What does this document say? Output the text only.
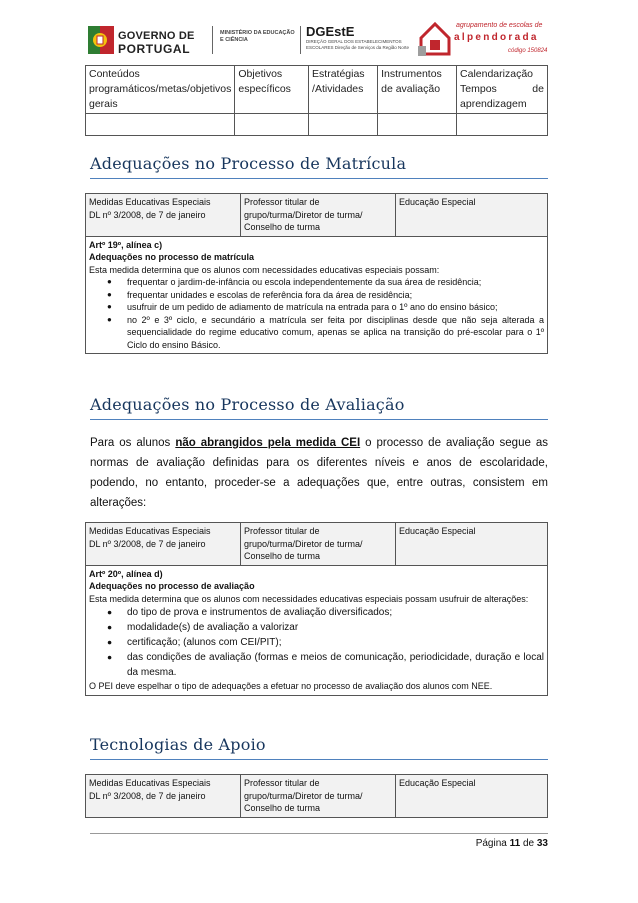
GOVERNO DE
PORTUGAL
MINISTÉRIO DA EDUCAÇÃO E CIÊNCIA
DGEstE
DIREÇÃO GERAL DOS ESTABELECIMENTOS ESCOLARES Direção de Serviços da Região Norte
agrupamento de escolas de
alpendorada
código 150824
Conteúdos programáticos/metas/objetivos gerais	Objetivos específicos	Estratégias /Atividades	Instrumentos de avaliação	Calendarização Tempos de aprendizagem

Adequações no Processo de Matrícula
Medidas Educativas Especiais
DL nº 3/2008, de 7 de janeiro
	Professor titular de grupo/turma/Diretor de turma/ Conselho de turma	Educação Especial

Artº 19º, alínea c)
Adequações no processo de matrícula
Esta medida determina que os alunos com necessidades educativas especiais possam:
● frequentar o jardim-de-infância ou escola independentemente da sua área de residência;
● frequentar unidades e escolas de referência fora da área de residência;
● usufruir de um pedido de adiamento de matrícula na entrada para o 1º ano do ensino básico;
● no 2º e 3º ciclo, e secundário a matrícula ser feita por disciplinas desde que não seja alterada a sequencialidade do regime educativo comum, apenas se aplica na transição do pré-escolar para o 1º Ciclo do ensino Básico.
Adequações no Processo de Avaliação

Para os alunos não abrangidos pela medida CEI o processo de avaliação segue as normas de avaliação definidas para os diferentes níveis e anos de escolaridade, podendo, no entanto, proceder-se a adequações que, entre outras, consistem em alterações:

Medidas Educativas Especiais
DL nº 3/2008, de 7 de janeiro
	Professor titular de grupo/turma/Diretor de turma/ Conselho de turma	Educação Especial

Artº 20º, alínea d)
Adequações no processo de avaliação
Esta medida determina que os alunos com necessidades educativas especiais possam usufruir de alterações:
● do tipo de prova e instrumentos de avaliação diversificados;
● modalidade(s) de avaliação a valorizar
● certificação; (alunos com CEI/PIT);
● das condições de avaliação (formas e meios de comunicação, periodicidade, duração e local da mesma.
O PEI deve espelhar o tipo de adequações a efetuar no processo de avaliação dos alunos com NEE.
Tecnologias de Apoio
Medidas Educativas Especiais
DL nº 3/2008, de 7 de janeiro
	Professor titular de grupo/turma/Diretor de turma/ Conselho de turma	Educação Especial
Página 11 de 33
